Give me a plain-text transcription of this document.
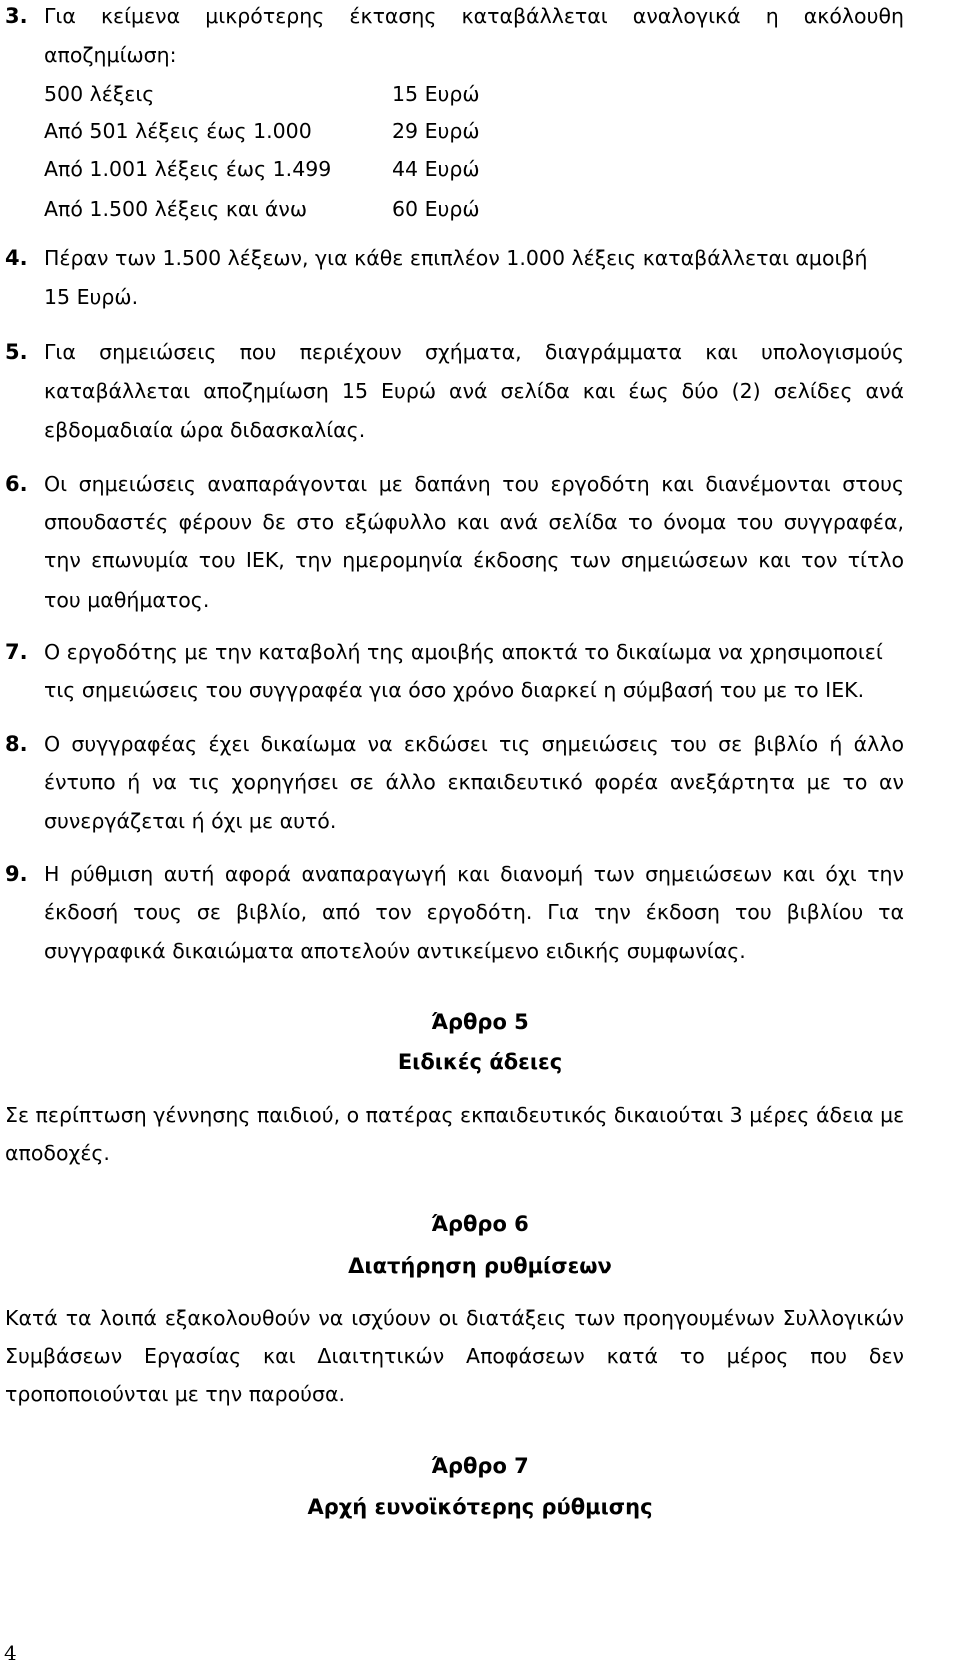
3. Για κείμενα μικρότερης έκτασης καταβάλλεται αναλογικά η ακόλουθη
αποζημίωση:
500 λέξεις	15 Ευρώ
Από 501 λέξεις έως 1.000	29 Ευρώ
Από 1.001 λέξεις έως 1.499	44 Ευρώ
Από 1.500 λέξεις και άνω	60 Ευρώ
4. Πέραν των 1.500 λέξεων, για κάθε επιπλέον 1.000 λέξεις καταβάλλεται αμοιβή
15 Ευρώ.
5. Για σημειώσεις που περιέχουν σχήματα, διαγράμματα και υπολογισμούς
καταβάλλεται αποζημίωση 15 Ευρώ ανά σελίδα και έως δύο (2) σελίδες ανά
εβδομαδιαία ώρα διδασκαλίας.
6. Οι σημειώσεις αναπαράγονται με δαπάνη του εργοδότη και διανέμονται στους
σπουδαστές φέρουν δε στο εξώφυλλο και ανά σελίδα το όνομα του συγγραφέα,
την επωνυμία του ΙΕΚ, την ημερομηνία έκδοσης των σημειώσεων και τον τίτλο
του μαθήματος.
7. Ο εργοδότης με την καταβολή της αμοιβής αποκτά το δικαίωμα να χρησιμοποιεί
τις σημειώσεις του συγγραφέα για όσο χρόνο διαρκεί η σύμβασή του με το ΙΕΚ.
8. Ο συγγραφέας έχει δικαίωμα να εκδώσει τις σημειώσεις του σε βιβλίο ή άλλο
έντυπο ή να τις χορηγήσει σε άλλο εκπαιδευτικό φορέα ανεξάρτητα με το αν
συνεργάζεται ή όχι με αυτό.
9. Η ρύθμιση αυτή αφορά αναπαραγωγή και διανομή των σημειώσεων και όχι την
έκδοσή τους σε βιβλίο, από τον εργοδότη. Για την έκδοση του βιβλίου τα
συγγραφικά δικαιώματα αποτελούν αντικείμενο ειδικής συμφωνίας.
Άρθρο 5
Ειδικές άδειες
Σε περίπτωση γέννησης παιδιού, ο πατέρας εκπαιδευτικός δικαιούται 3 μέρες άδεια με
αποδοχές.
Άρθρο 6
Διατήρηση ρυθμίσεων
Κατά τα λοιπά εξακολουθούν να ισχύουν οι διατάξεις των προηγουμένων Συλλογικών
Συμβάσεων Εργασίας και Διαιτητικών Αποφάσεων κατά το μέρος που δεν
τροποποιούνται με την παρούσα.
Άρθρο 7
Αρχή ευνοϊκότερης ρύθμισης
4
